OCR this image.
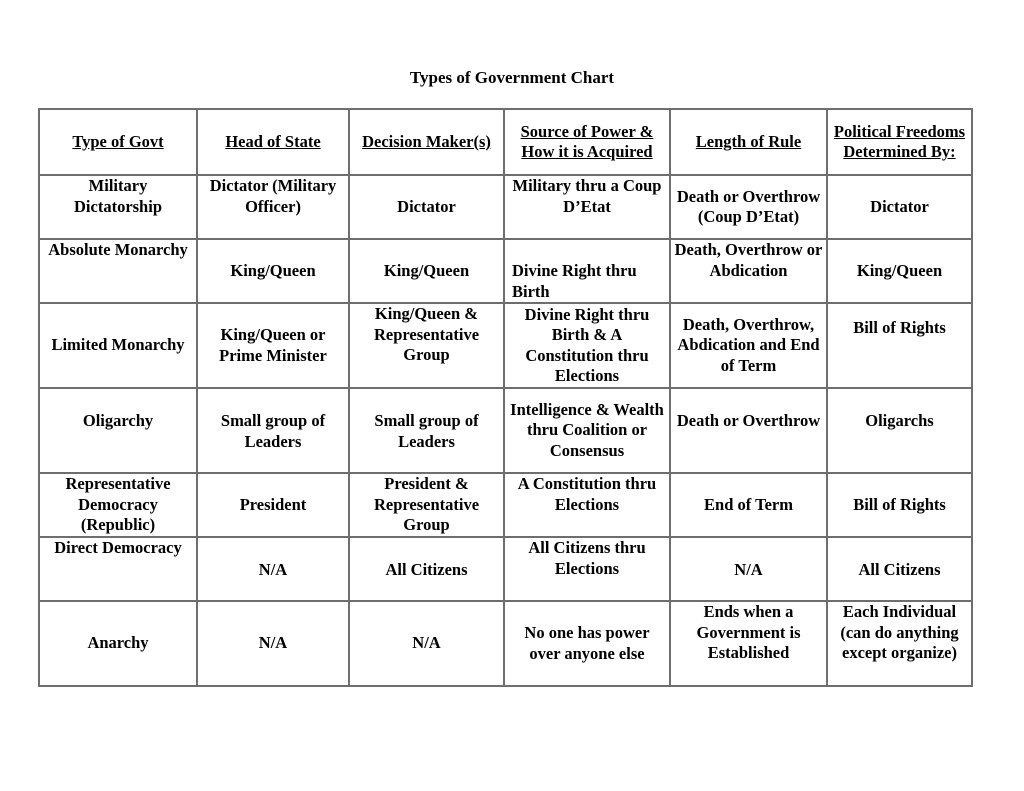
Types of Government Chart
Type of Govt	Head of State	Decision Maker(s)	Source of Power & How it is Acquired	Length of Rule	Political Freedoms Determined By:
Military Dictatorship	Dictator (Military Officer)	Dictator	Military thru a Coup D’Etat	Death or Overthrow (Coup D’Etat)	Dictator
Absolute Monarchy	King/Queen	King/Queen	Divine Right thru Birth	Death, Overthrow or Abdication	King/Queen
Limited Monarchy	King/Queen or Prime Minister	King/Queen & Representative Group	Divine Right thru Birth & A Constitution thru Elections	Death, Overthrow, Abdication and End of Term	Bill of Rights
Oligarchy	Small group of Leaders	Small group of Leaders	Intelligence & Wealth thru Coalition or Consensus	Death or Overthrow	Oligarchs
Representative Democracy (Republic)	President	President & Representative Group	A Constitution thru Elections	End of Term	Bill of Rights
Direct Democracy	N/A	All Citizens	All Citizens thru Elections	N/A	All Citizens
Anarchy	N/A	N/A	No one has power over anyone else	Ends when a Government is Established	Each Individual (can do anything except organize)
